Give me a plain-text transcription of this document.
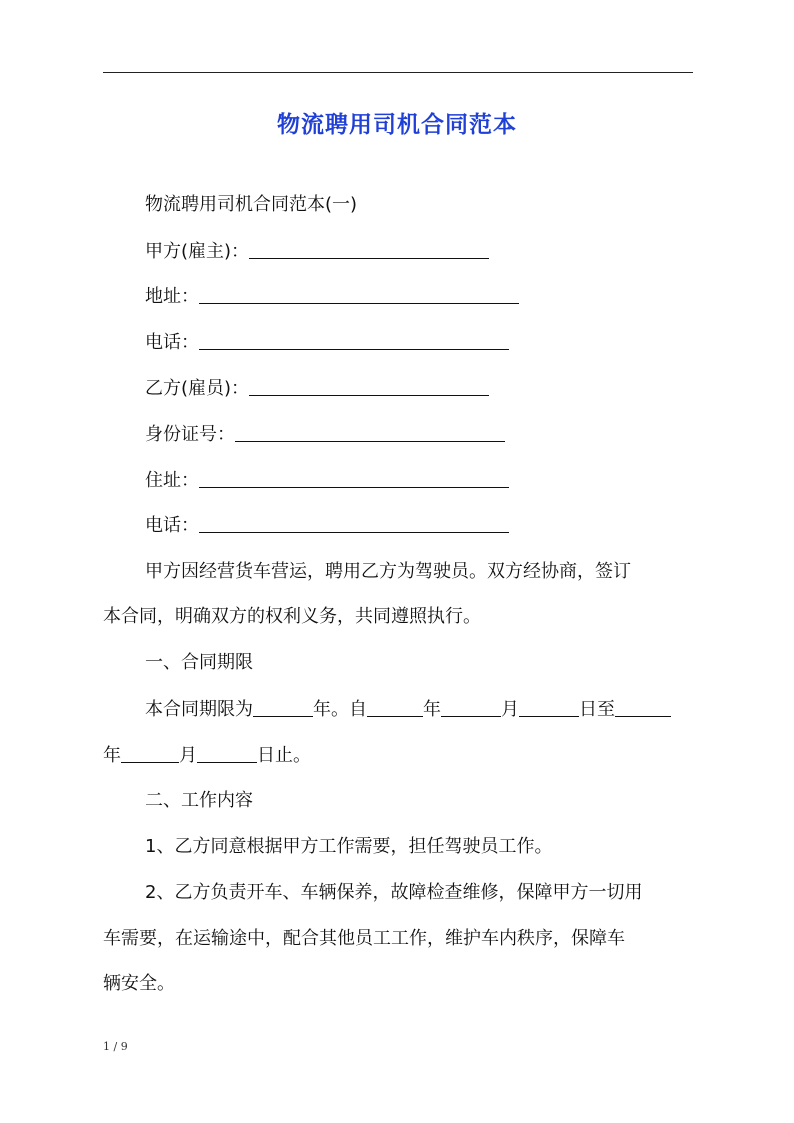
物流聘用司机合同范本
物流聘用司机合同范本(一)
甲方(雇主)：
地址：
电话：
乙方(雇员)：
身份证号：
住址：
电话：
甲方因经营货车营运，聘用乙方为驾驶员。双方经协商，签订
本合同，明确双方的权利义务，共同遵照执行。
一、合同期限
本合同期限为	年。自	年	月	日至
年	月	日止。
二、工作内容
1、乙方同意根据甲方工作需要，担任驾驶员工作。
2、乙方负责开车、车辆保养，故障检查维修，保障甲方一切用
车需要，在运输途中，配合其他员工工作，维护车内秩序，保障车
辆安全。
1 / 9
